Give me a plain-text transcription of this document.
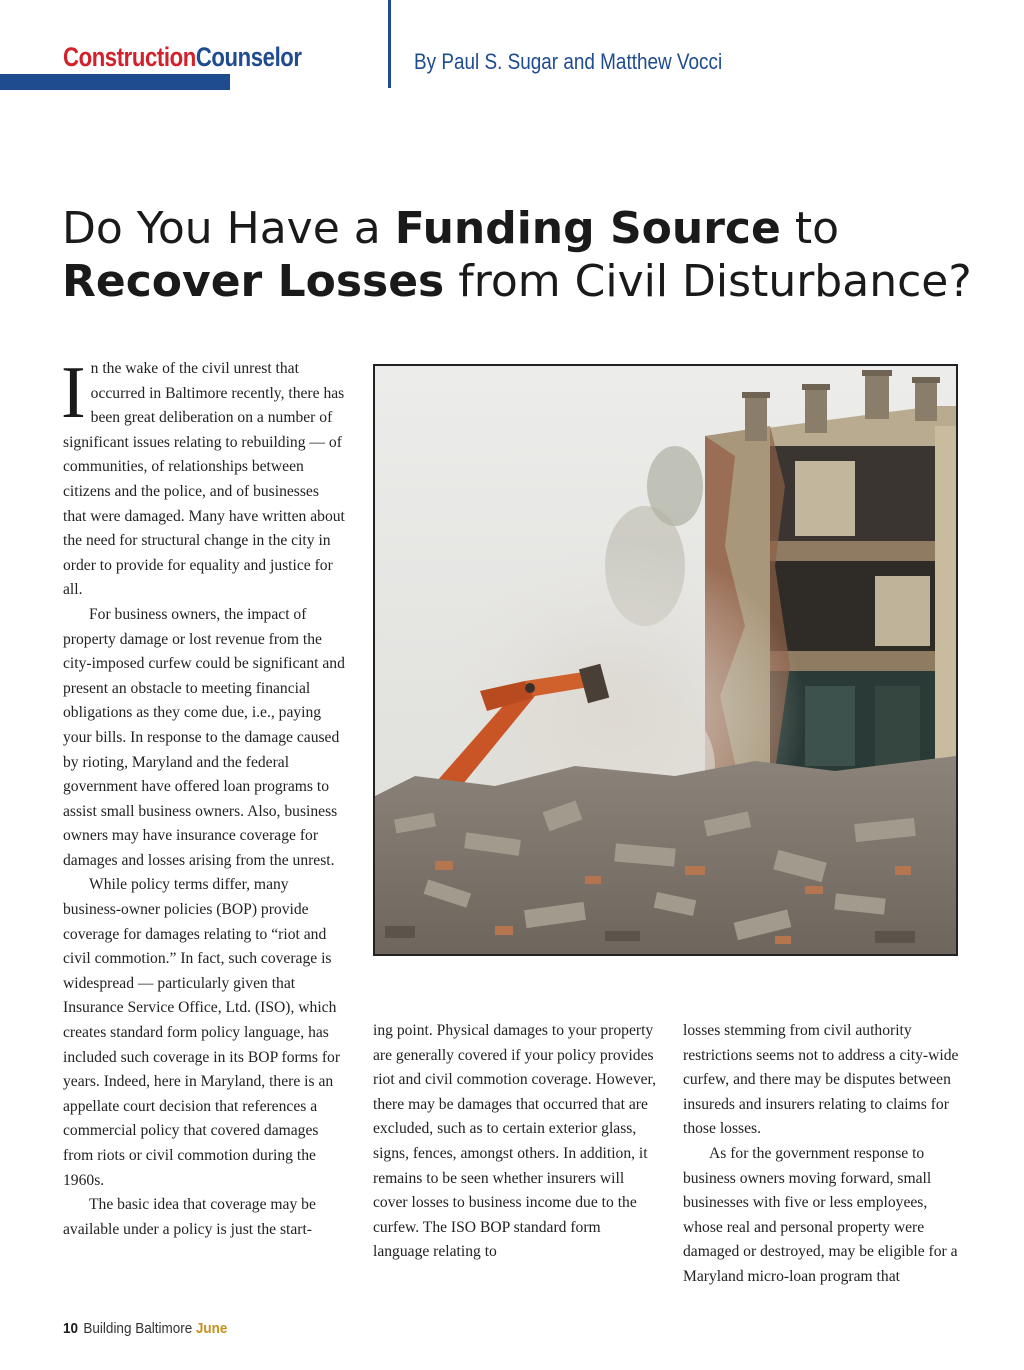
ConstructionCounselor	By Paul S. Sugar and Matthew Vocci
Do You Have a Funding Source to
Recover Losses from Civil Disturbance?

In the wake of the civil unrest that occurred in Baltimore recently, there has been great deliberation on a number of significant issues relating to rebuilding — of communities, of relationships between citizens and the police, and of businesses that were damaged. Many have written about the need for structural change in the city in order to provide for equality and justice for all.

For business owners, the impact of property damage or lost revenue from the city-imposed curfew could be significant and present an obstacle to meeting financial obligations as they come due, i.e., paying your bills. In response to the damage caused by rioting, Maryland and the federal government have offered loan programs to assist small business owners. Also, business owners may have insurance coverage for damages and losses arising from the unrest.

While policy terms differ, many business-owner policies (BOP) provide coverage for damages relating to “riot and civil commotion.” In fact, such coverage is widespread — particularly given that Insurance Service Office, Ltd. (ISO), which creates standard form policy language, has included such coverage in its BOP forms for years. Indeed, here in Maryland, there is an appellate court decision that references a commercial policy that covered damages from riots or civil commotion during the 1960s.

The basic idea that coverage may be available under a policy is just the start-

ing point. Physical damages to your property are generally covered if your policy provides riot and civil commotion coverage. However, there may be damages that occurred that are excluded, such as to certain exterior glass, signs, fences, amongst others. In addition, it remains to be seen whether insurers will cover losses to business income due to the curfew. The ISO BOP standard form language relating to

losses stemming from civil authority restrictions seems not to address a city-wide curfew, and there may be disputes between insureds and insurers relating to claims for those losses.

As for the government response to business owners moving forward, small businesses with five or less employees, whose real and personal property were damaged or destroyed, may be eligible for a Maryland micro-loan program that

10 Building Baltimore June
